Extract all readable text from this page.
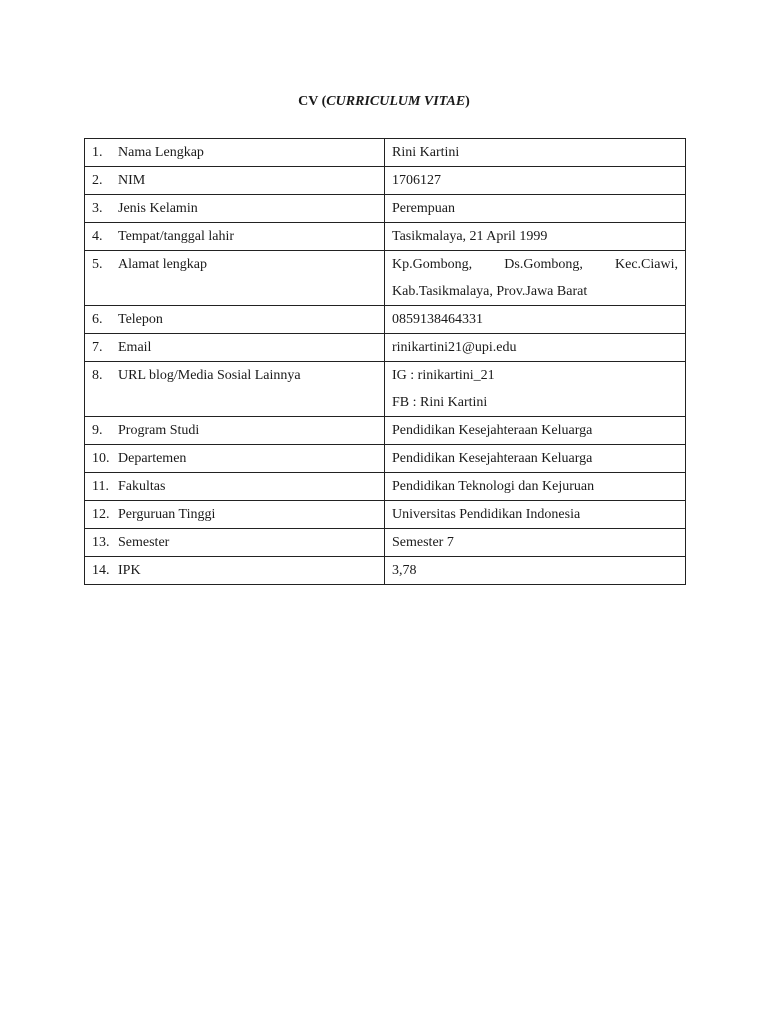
CV (CURRICULUM VITAE)
1. Nama Lengkap	Rini Kartini

2. NIM	1706127

3. Jenis Kelamin	Perempuan

4. Tempat/tanggal lahir	Tasikmalaya, 21 April 1999

5. Alamat lengkap	Kp.Gombong, Ds.Gombong, Kec.Ciawi,
Kab.Tasikmalaya, Prov.Jawa Barat

6. Telepon	0859138464331

7. Email	rinikartini21@upi.edu

8. URL blog/Media Sosial Lainnya	IG : rinikartini_21
FB : Rini Kartini

9. Program Studi	Pendidikan Kesejahteraan Keluarga

10. Departemen	Pendidikan Kesejahteraan Keluarga

11. Fakultas	Pendidikan Teknologi dan Kejuruan

12. Perguruan Tinggi	Universitas Pendidikan Indonesia

13. Semester	Semester 7

14. IPK	3,78
